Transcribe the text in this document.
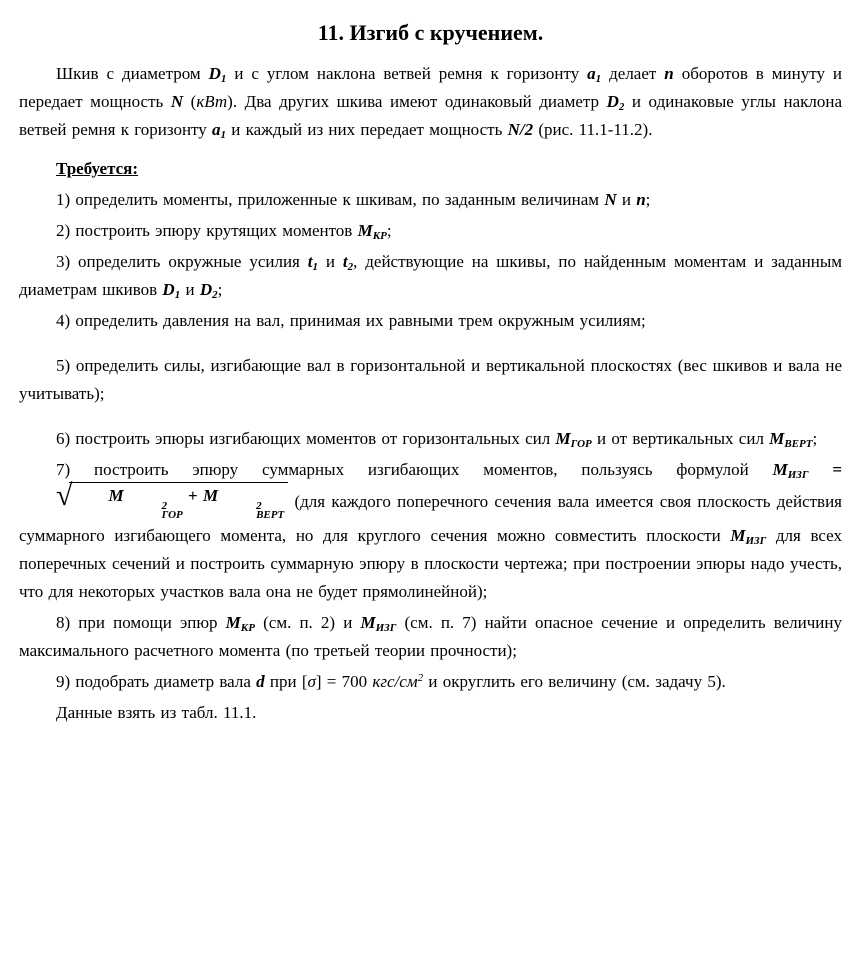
11. Изгиб с кручением.

Шкив с диаметром $D_1$ и с углом наклона ветвей ремня к горизонту $a_1$ делает n оборотов в минуту и передает мощность N (кВт). Два других шкива имеют одинаковый диаметр $D_2$ и одинаковые углы наклона ветвей ремня к горизонту $a_1$ и каждый из них передает мощность N/2 (рис. 11.1-11.2).

Требуется:

1) определить моменты, приложенные к шкивам, по заданным величинам N и n;

2) построить эпюру крутящих моментов $M_{КР}$;

3) определить окружные усилия $t_1$ и $t_2$, действующие на шкивы, по найденным моментам и заданным диаметрам шкивов $D_1$ и $D_2$;

4) определить давления на вал, принимая их равными трем окружным усилиям;

5) определить силы, изгибающие вал в горизонтальной и вертикальной плоскостях (вес шкивов и вала не учитывать);

6) построить эпюры изгибающих моментов от горизонтальных сил $M_{ГОР}$ и от вертикальных сил $M_{ВЕРТ}$;

7) построить эпюру суммарных изгибающих моментов, пользуясь формулой $M_{ИЗГ}$ =
√	M
2
ГОР
+ M
2
ВЕРТ
(для каждого поперечного сечения вала имеется своя плоскость действия суммарного изгибающего момента, но для круглого сечения можно совместить плоскости $M_{ИЗГ}$ для всех поперечных сечений и построить суммарную эпюру в плоскости чертежа; при построении эпюры надо учесть, что для некоторых участков вала она не будет прямолинейной);

8) при помощи эпюр $M_{КР}$ (см. п. 2) и $M_{ИЗГ}$ (см. п. 7) найти опасное сечение и определить величину максимального расчетного момента (по третьей теории прочности);

9) подобрать диаметр вала d при [σ] = 700 кгс/$см^2$ и округлить его величину (см. задачу 5).

Данные взять из табл. 11.1.
